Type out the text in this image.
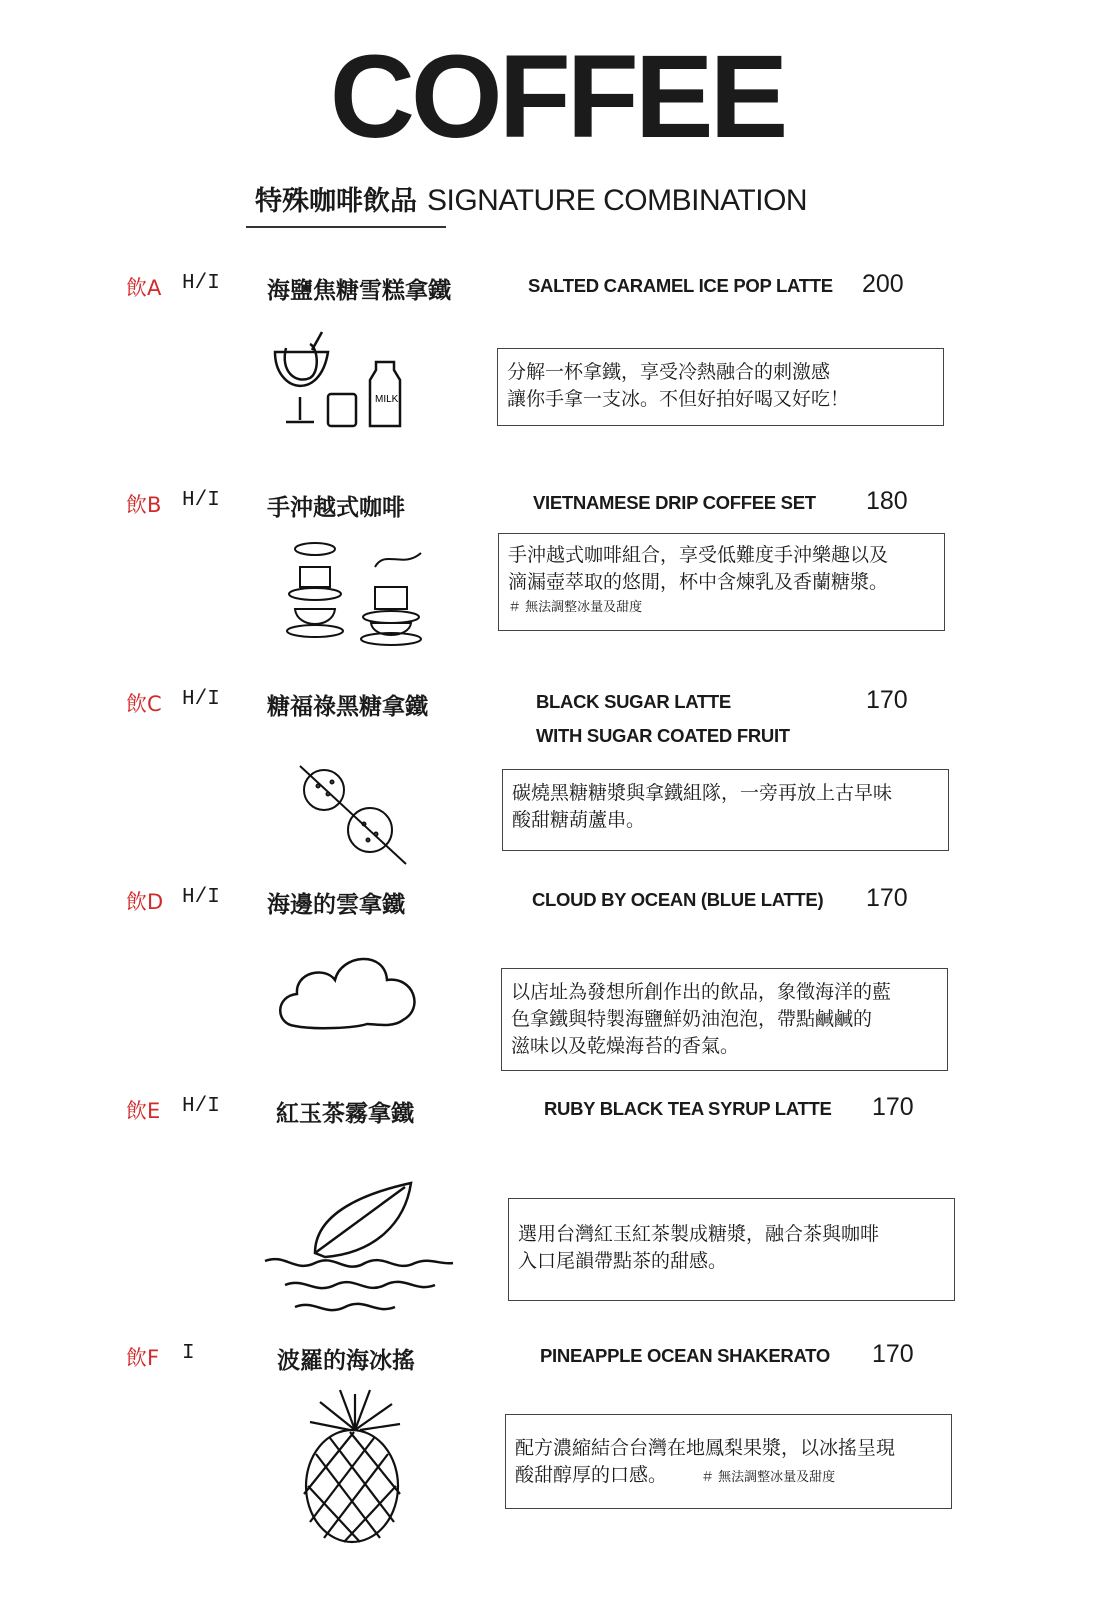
COFFEE
特殊咖啡飲品 SIGNATURE COMBINATION
飲A H/I 海鹽焦糖雪糕拿鐵	SALTED CARAMEL ICE POP LATTE 200
MILK
分解一杯拿鐵，享受冷熱融合的刺激感
讓你手拿一支冰。不但好拍好喝又好吃！
飲B H/I 手沖越式咖啡	VIETNAMESE DRIP COFFEE SET 180
手沖越式咖啡組合，享受低難度手沖樂趣以及
滴漏壺萃取的悠閒，杯中含煉乳及香蘭糖漿。
＃ 無法調整冰量及甜度
飲C H/I 糖福祿黑糖拿鐵	BLACK SUGAR LATTE
WITH SUGAR COATED FRUIT
170
碳燒黑糖糖漿與拿鐵組隊，一旁再放上古早味
酸甜糖葫蘆串。
飲D H/I 海邊的雲拿鐵	CLOUD BY OCEAN (BLUE LATTE) 170
以店址為發想所創作出的飲品，象徵海洋的藍
色拿鐵與特製海鹽鮮奶油泡泡，帶點鹹鹹的
滋味以及乾燥海苔的香氣。
飲E H/I 紅玉茶霧拿鐵	RUBY BLACK TEA SYRUP LATTE 170
選用台灣紅玉紅茶製成糖漿，融合茶與咖啡
入口尾韻帶點茶的甜感。
飲F I	波羅的海冰搖	PINEAPPLE OCEAN SHAKERATO 170
配方濃縮結合台灣在地鳳梨果漿，以冰搖呈現
酸甜醇厚的口感。	＃ 無法調整冰量及甜度
